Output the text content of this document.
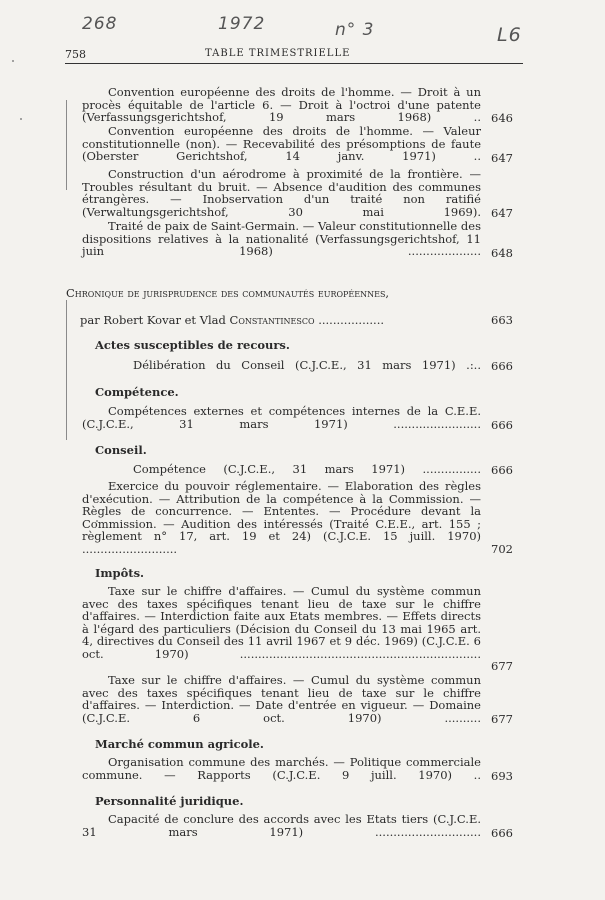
268	1972	n° 3	L6
758	TABLE TRIMESTRIELLE
Convention européenne des droits de l'homme. — Droit à un procès équitable de l'article 6. — Droit à l'octroi d'une patente (Verfassungsgerichtshof, 19 mars 1968) .. 646
Convention européenne des droits de l'homme. — Valeur constitutionnelle (non). — Recevabilité des présomptions de faute (Oberster Gerichtshof, 14 janv. 1971) .. 647
Construction d'un aérodrome à proximité de la frontière. — Troubles résultant du bruit. — Absence d'audition des communes étrangères. — Inobservation d'un traité non ratifié (Verwaltungsgerichtshof, 30 mai 1969). 647
Traité de paix de Saint-Germain. — Valeur constitutionnelle des dispositions relatives à la nationalité (Verfassungsgerichtshof, 11 juin 1968) .................... 648
Chronique de jurisprudence des communautés européennes,
par Robert Kovar et Vlad Constantinesco ..................	663
Actes susceptibles de recours.
Délibération du Conseil (C.J.C.E., 31 mars 1971) .:.. 666
Compétence.
Compétences externes et compétences internes de la C.E.E. (C.J.C.E., 31 mars 1971) ........................ 666
Conseil.
Compétence (C.J.C.E., 31 mars 1971) ................ 666
Exercice du pouvoir réglementaire. — Elaboration des règles d'exécution. — Attribution de la compétence à la Commission. — Règles de concurrence. — Ententes. — Procédure devant la Commission. — Audition des intéressés (Traité C.E.E., art. 155 ; règlement n° 17, art. 19 et 24) (C.J.C.E. 15 juill. 1970) ..........................	702
Impôts.
Taxe sur le chiffre d'affaires. — Cumul du système commun avec des taxes spécifiques tenant lieu de taxe sur le chiffre d'affaires. — Interdiction faite aux Etats membres. — Effets directs à l'égard des particuliers (Décision du Conseil du 13 mai 1965 art. 4, directives du Conseil des 11 avril 1967 et 9 déc. 1969) (C.J.C.E. 6 oct. 1970) ..................................................................
677
Taxe sur le chiffre d'affaires. — Cumul du système commun avec des taxes spécifiques tenant lieu de taxe sur le chiffre d'affaires. — Interdiction. — Date d'entrée en vigueur. — Domaine (C.J.C.E. 6 oct. 1970) .......... 677
Marché commun agricole.
Organisation commune des marchés. — Politique commerciale commune. — Rapports (C.J.C.E. 9 juill. 1970) .. 693
Personnalité juridique.
Capacité de conclure des accords avec les Etats tiers (C.J.C.E. 31 mars 1971) ............................. 666
